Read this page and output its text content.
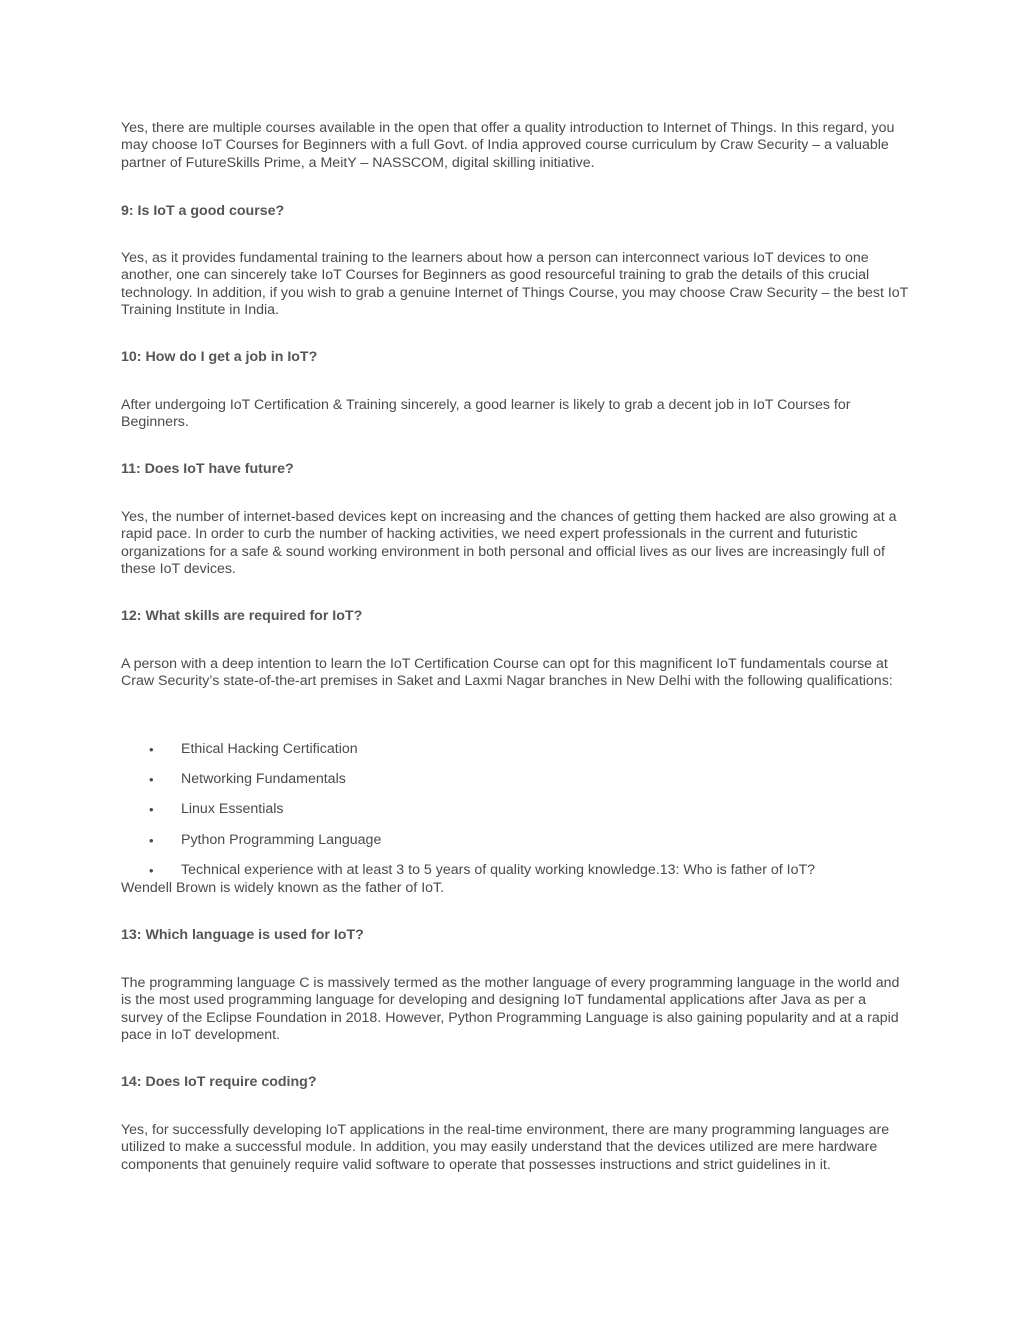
Yes, there are multiple courses available in the open that offer a quality introduction to Internet of Things. In this regard, you may choose IoT Courses for Beginners with a full Govt. of India approved course curriculum by Craw Security – a valuable partner of FutureSkills Prime, a MeitY – NASSCOM, digital skilling initiative.

9: Is IoT a good course?

Yes, as it provides fundamental training to the learners about how a person can interconnect various IoT devices to one another, one can sincerely take IoT Courses for Beginners as good resourceful training to grab the details of this crucial technology. In addition, if you wish to grab a genuine Internet of Things Course, you may choose Craw Security – the best IoT Training Institute in India.

10: How do I get a job in IoT?

After undergoing IoT Certification & Training sincerely, a good learner is likely to grab a decent job in IoT Courses for Beginners.

11: Does IoT have future?

Yes, the number of internet-based devices kept on increasing and the chances of getting them hacked are also growing at a rapid pace. In order to curb the number of hacking activities, we need expert professionals in the current and futuristic organizations for a safe & sound working environment in both personal and official lives as our lives are increasingly full of these IoT devices.

12: What skills are required for IoT?

A person with a deep intention to learn the IoT Certification Course can opt for this magnificent IoT fundamentals course at Craw Security’s state-of-the-art premises in Saket and Laxmi Nagar branches in New Delhi with the following qualifications:

•	Ethical Hacking Certification
•	Networking Fundamentals
•	Linux Essentials
•	Python Programming Language
•	Technical experience with at least 3 to 5 years of quality working knowledge.13: Who is father of IoT?

Wendell Brown is widely known as the father of IoT.

13: Which language is used for IoT?

The programming language C is massively termed as the mother language of every programming language in the world and is the most used programming language for developing and designing IoT fundamental applications after Java as per a survey of the Eclipse Foundation in 2018. However, Python Programming Language is also gaining popularity and at a rapid pace in IoT development.

14: Does IoT require coding?

Yes, for successfully developing IoT applications in the real-time environment, there are many programming languages are utilized to make a successful module. In addition, you may easily understand that the devices utilized are mere hardware components that genuinely require valid software to operate that possesses instructions and strict guidelines in it.
